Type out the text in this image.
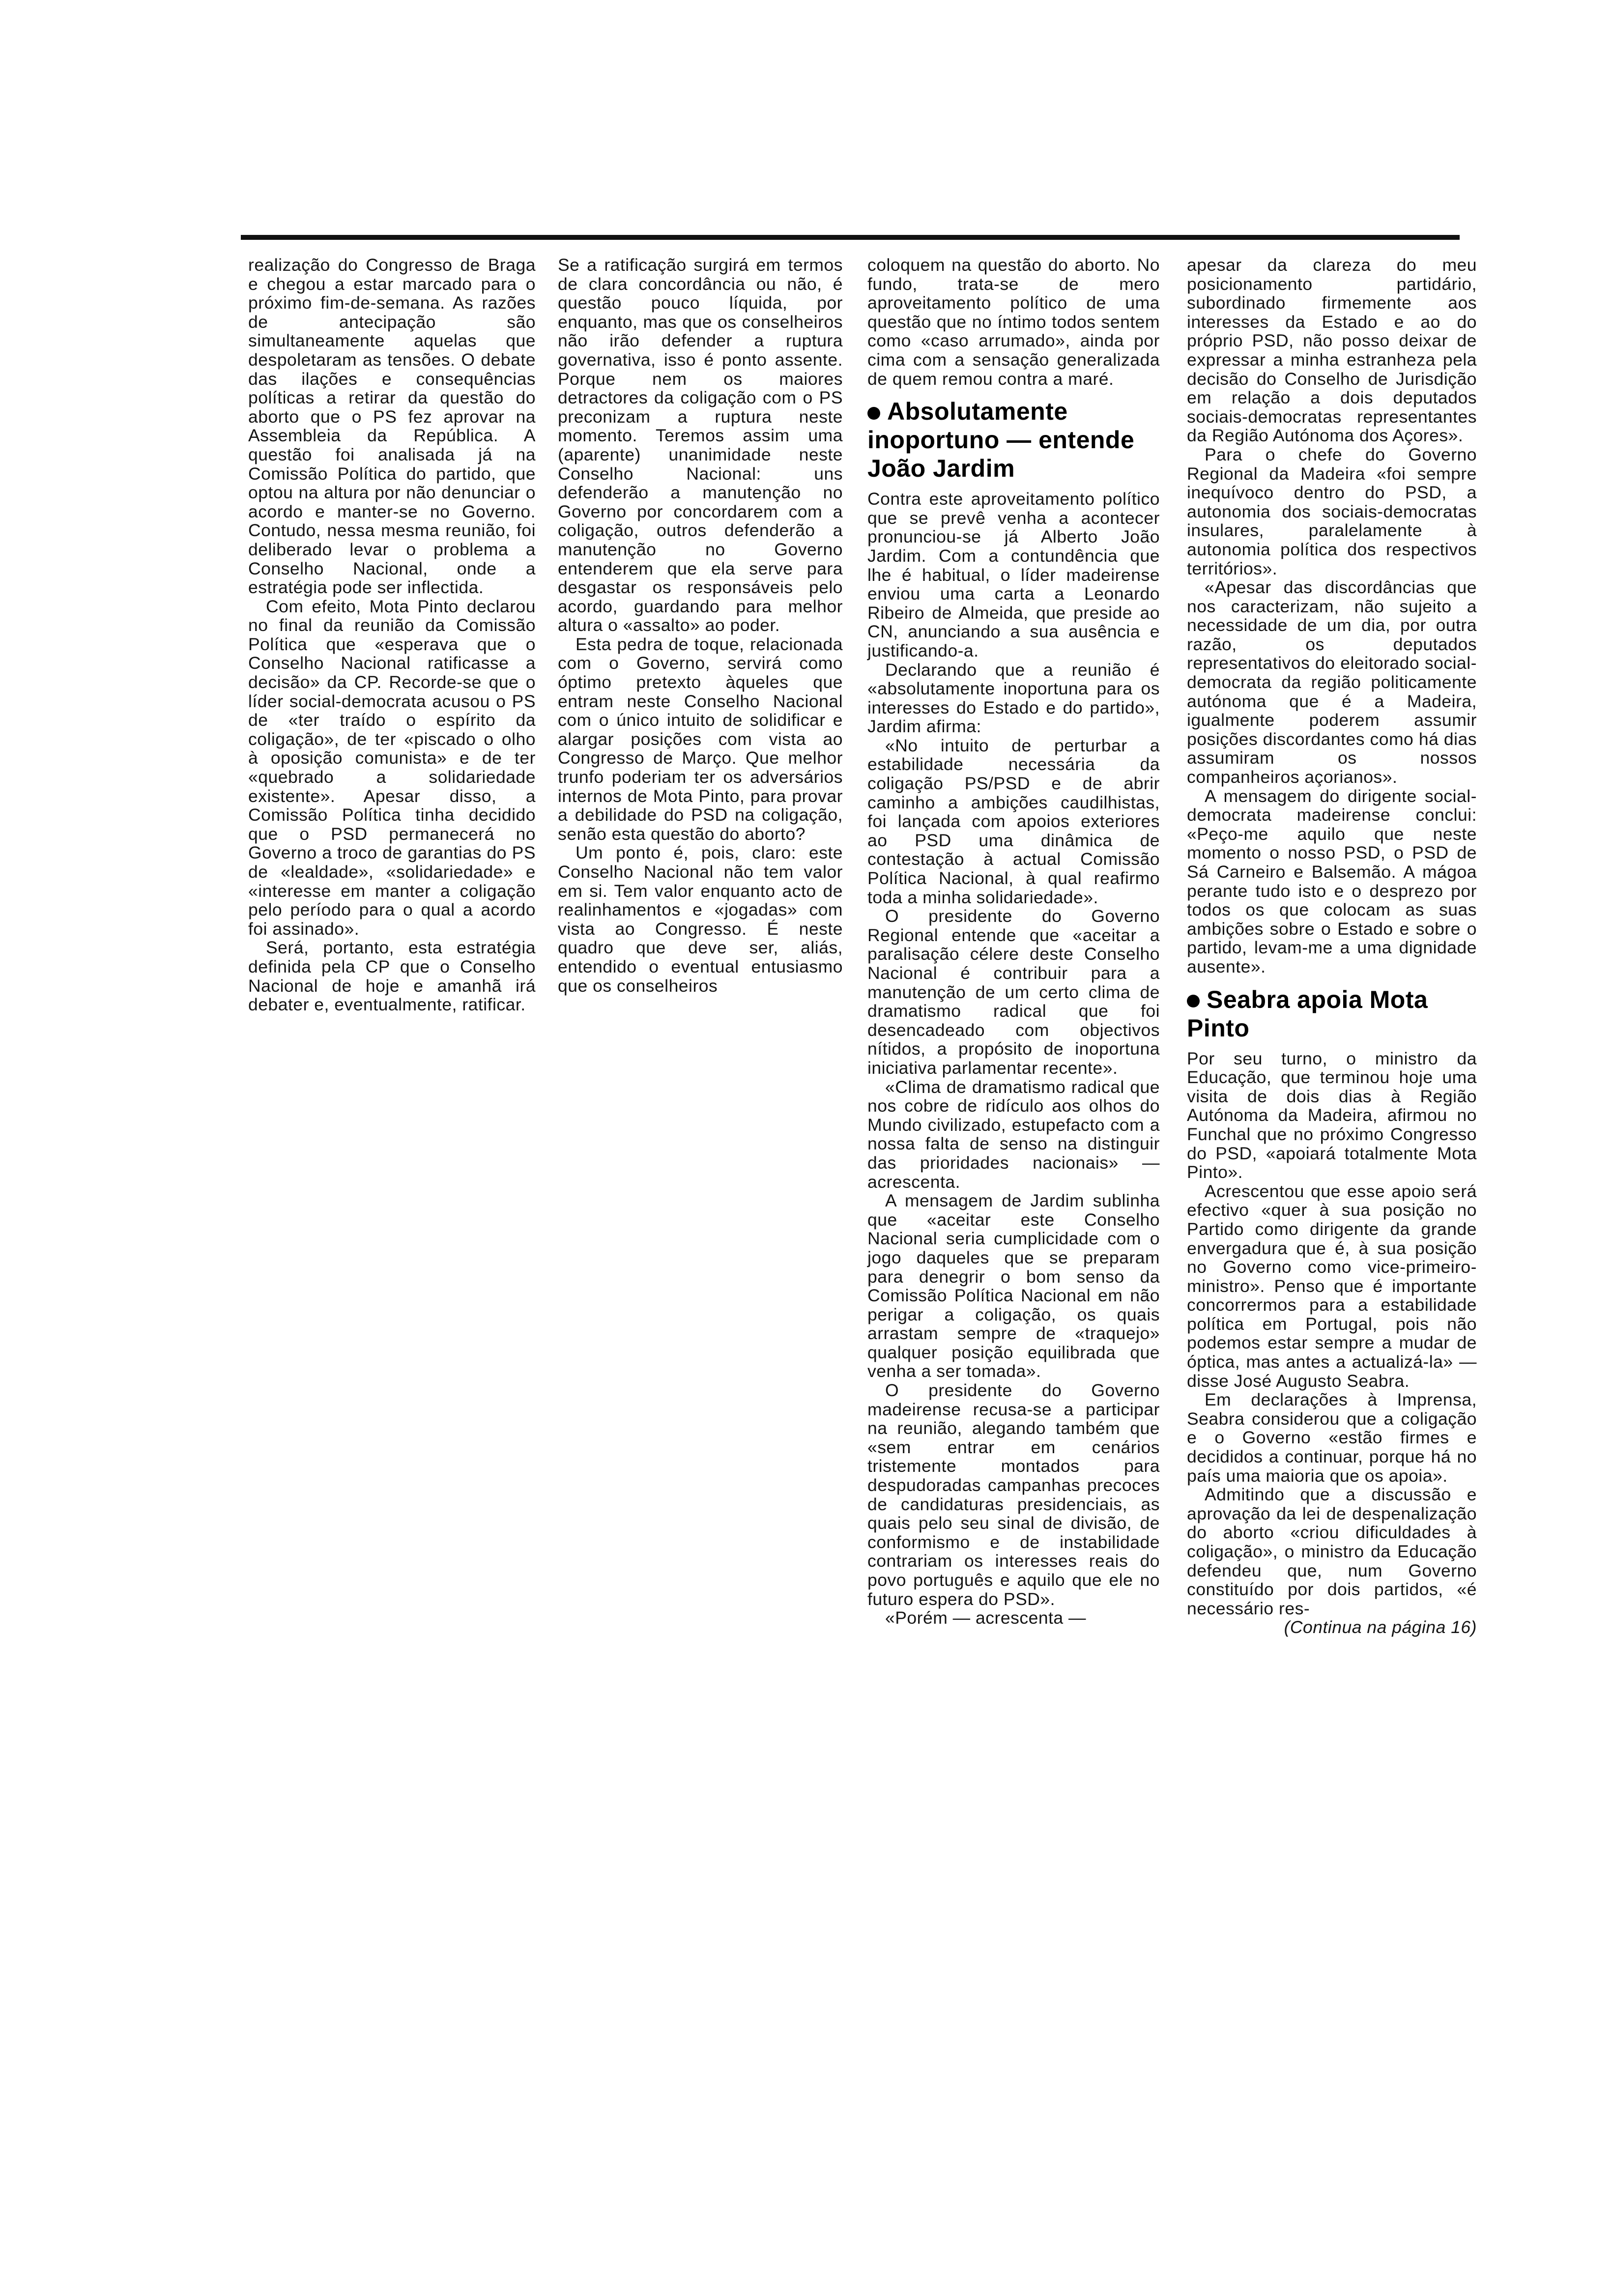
realização do Congresso de Braga e chegou a estar marcado para o próximo fim-de-semana. As razões de antecipação são simultaneamente aquelas que despoletaram as tensões. O debate das ilações e consequências políticas a retirar da questão do aborto que o PS fez aprovar na Assembleia da República. A questão foi analisada já na Comissão Política do partido, que optou na altura por não denunciar o acordo e manter-se no Governo. Contudo, nessa mesma reunião, foi deliberado levar o problema a Conselho Nacional, onde a estratégia pode ser inflectida.

Com efeito, Mota Pinto declarou no final da reunião da Comissão Política que «esperava que o Conselho Nacional ratificasse a decisão» da CP. Recorde-se que o líder social-democrata acusou o PS de «ter traído o espírito da coligação», de ter «piscado o olho à oposição comunista» e de ter «quebrado a solidariedade existente». Apesar disso, a Comissão Política tinha decidido que o PSD permanecerá no Governo a troco de garantias do PS de «lealdade», «solidariedade» e «interesse em manter a coligação pelo período para o qual a acordo foi assinado».

Será, portanto, esta estratégia definida pela CP que o Conselho Nacional de hoje e amanhã irá debater e, eventualmente, ratificar.

Se a ratificação surgirá em termos de clara concordância ou não, é questão pouco líquida, por enquanto, mas que os conselheiros não irão defender a ruptura governativa, isso é ponto assente. Porque nem os maiores detractores da coligação com o PS preconizam a ruptura neste momento. Teremos assim uma (aparente) unanimidade neste Conselho Nacional: uns defenderão a manutenção no Governo por concordarem com a coligação, outros defenderão a manutenção no Governo entenderem que ela serve para desgastar os responsáveis pelo acordo, guardando para melhor altura o «assalto» ao poder.

Esta pedra de toque, relacionada com o Governo, servirá como óptimo pretexto àqueles que entram neste Conselho Nacional com o único intuito de solidificar e alargar posições com vista ao Congresso de Março. Que melhor trunfo poderiam ter os adversários internos de Mota Pinto, para provar a debilidade do PSD na coligação, senão esta questão do aborto?

Um ponto é, pois, claro: este Conselho Nacional não tem valor em si. Tem valor enquanto acto de realinhamentos e «jogadas» com vista ao Congresso. É neste quadro que deve ser, aliás, entendido o eventual entusiasmo que os conselheiros

coloquem na questão do aborto. No fundo, trata-se de mero aproveitamento político de uma questão que no íntimo todos sentem como «caso arrumado», ainda por cima com a sensação generalizada de quem remou contra a maré.

Absolutamente inoportuno — entende João Jardim

Contra este aproveitamento político que se prevê venha a acontecer pronunciou-se já Alberto João Jardim. Com a contundência que lhe é habitual, o líder madeirense enviou uma carta a Leonardo Ribeiro de Almeida, que preside ao CN, anunciando a sua ausência e justificando-a.

Declarando que a reunião é «absolutamente inoportuna para os interesses do Estado e do partido», Jardim afirma:

«No intuito de perturbar a estabilidade necessária da coligação PS/PSD e de abrir caminho a ambições caudilhistas, foi lançada com apoios exteriores ao PSD uma dinâmica de contestação à actual Comissão Política Nacional, à qual reafirmo toda a minha solidariedade».

O presidente do Governo Regional entende que «aceitar a paralisação célere deste Conselho Nacional é contribuir para a manutenção de um certo clima de dramatismo radical que foi desencadeado com objectivos nítidos, a propósito de inoportuna iniciativa parlamentar recente».

«Clima de dramatismo radical que nos cobre de ridículo aos olhos do Mundo civilizado, estupefacto com a nossa falta de senso na distinguir das prioridades nacionais» — acrescenta.

A mensagem de Jardim sublinha que «aceitar este Conselho Nacional seria cumplicidade com o jogo daqueles que se preparam para denegrir o bom senso da Comissão Política Nacional em não perigar a coligação, os quais arrastam sempre de «traquejo» qualquer posição equilibrada que venha a ser tomada».

O presidente do Governo madeirense recusa-se a participar na reunião, alegando também que «sem entrar em cenários tristemente montados para despudoradas campanhas precoces de candidaturas presidenciais, as quais pelo seu sinal de divisão, de conformismo e de instabilidade contrariam os interesses reais do povo português e aquilo que ele no futuro espera do PSD».

«Porém — acrescenta —

apesar da clareza do meu posicionamento partidário, subordinado firmemente aos interesses da Estado e ao do próprio PSD, não posso deixar de expressar a minha estranheza pela decisão do Conselho de Jurisdição em relação a dois deputados sociais-democratas representantes da Região Autónoma dos Açores».

Para o chefe do Governo Regional da Madeira «foi sempre inequívoco dentro do PSD, a autonomia dos sociais-democratas insulares, paralelamente à autonomia política dos respectivos territórios».

«Apesar das discordâncias que nos caracterizam, não sujeito a necessidade de um dia, por outra razão, os deputados representativos do eleitorado social-democrata da região politicamente autónoma que é a Madeira, igualmente poderem assumir posições discordantes como há dias assumiram os nossos companheiros açorianos».

A mensagem do dirigente social-democrata madeirense conclui: «Peço-me aquilo que neste momento o nosso PSD, o PSD de Sá Carneiro e Balsemão. A mágoa perante tudo isto e o desprezo por todos os que colocam as suas ambições sobre o Estado e sobre o partido, levam-me a uma dignidade ausente».

Seabra apoia Mota Pinto

Por seu turno, o ministro da Educação, que terminou hoje uma visita de dois dias à Região Autónoma da Madeira, afirmou no Funchal que no próximo Congresso do PSD, «apoiará totalmente Mota Pinto».

Acrescentou que esse apoio será efectivo «quer à sua posição no Partido como dirigente da grande envergadura que é, à sua posição no Governo como vice-primeiro-ministro». Penso que é importante concorrermos para a estabilidade política em Portugal, pois não podemos estar sempre a mudar de óptica, mas antes a actualizá-la» — disse José Augusto Seabra.

Em declarações à Imprensa, Seabra considerou que a coligação e o Governo «estão firmes e decididos a continuar, porque há no país uma maioria que os apoia».

Admitindo que a discussão e aprovação da lei de despenalização do aborto «criou dificuldades à coligação», o ministro da Educação defendeu que, num Governo constituído por dois partidos, «é necessário res-

(Continua na página 16)
